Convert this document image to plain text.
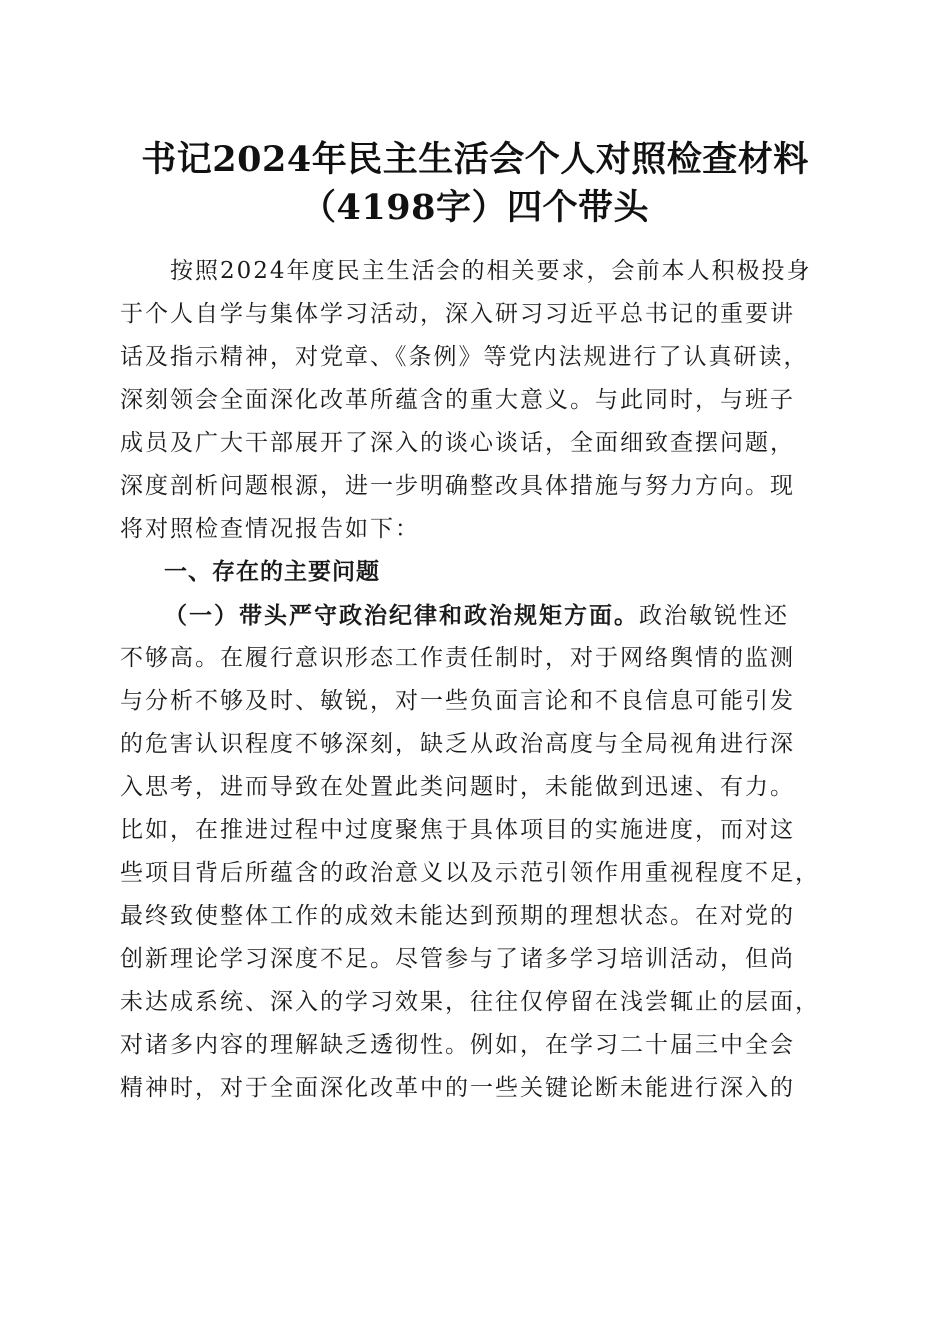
书记2024年民主生活会个人对照检查材料
（4198字）四个带头
按照2024年度民主生活会的相关要求，会前本人积极投身
于个人自学与集体学习活动，深入研习习近平总书记的重要讲
话及指示精神，对党章、《条例》等党内法规进行了认真研读，
深刻领会全面深化改革所蕴含的重大意义。与此同时，与班子
成员及广大干部展开了深入的谈心谈话，全面细致查摆问题，
深度剖析问题根源，进一步明确整改具体措施与努力方向。现
将对照检查情况报告如下：
一、存在的主要问题
（一）带头严守政治纪律和政治规矩方面。政治敏锐性还
不够高。在履行意识形态工作责任制时，对于网络舆情的监测
与分析不够及时、敏锐，对一些负面言论和不良信息可能引发
的危害认识程度不够深刻，缺乏从政治高度与全局视角进行深
入思考，进而导致在处置此类问题时，未能做到迅速、有力。
比如，在推进过程中过度聚焦于具体项目的实施进度，而对这
些项目背后所蕴含的政治意义以及示范引领作用重视程度不足，
最终致使整体工作的成效未能达到预期的理想状态。在对党的
创新理论学习深度不足。尽管参与了诸多学习培训活动，但尚
未达成系统、深入的学习效果，往往仅停留在浅尝辄止的层面，
对诸多内容的理解缺乏透彻性。例如，在学习二十届三中全会
精神时，对于全面深化改革中的一些关键论断未能进行深入的
